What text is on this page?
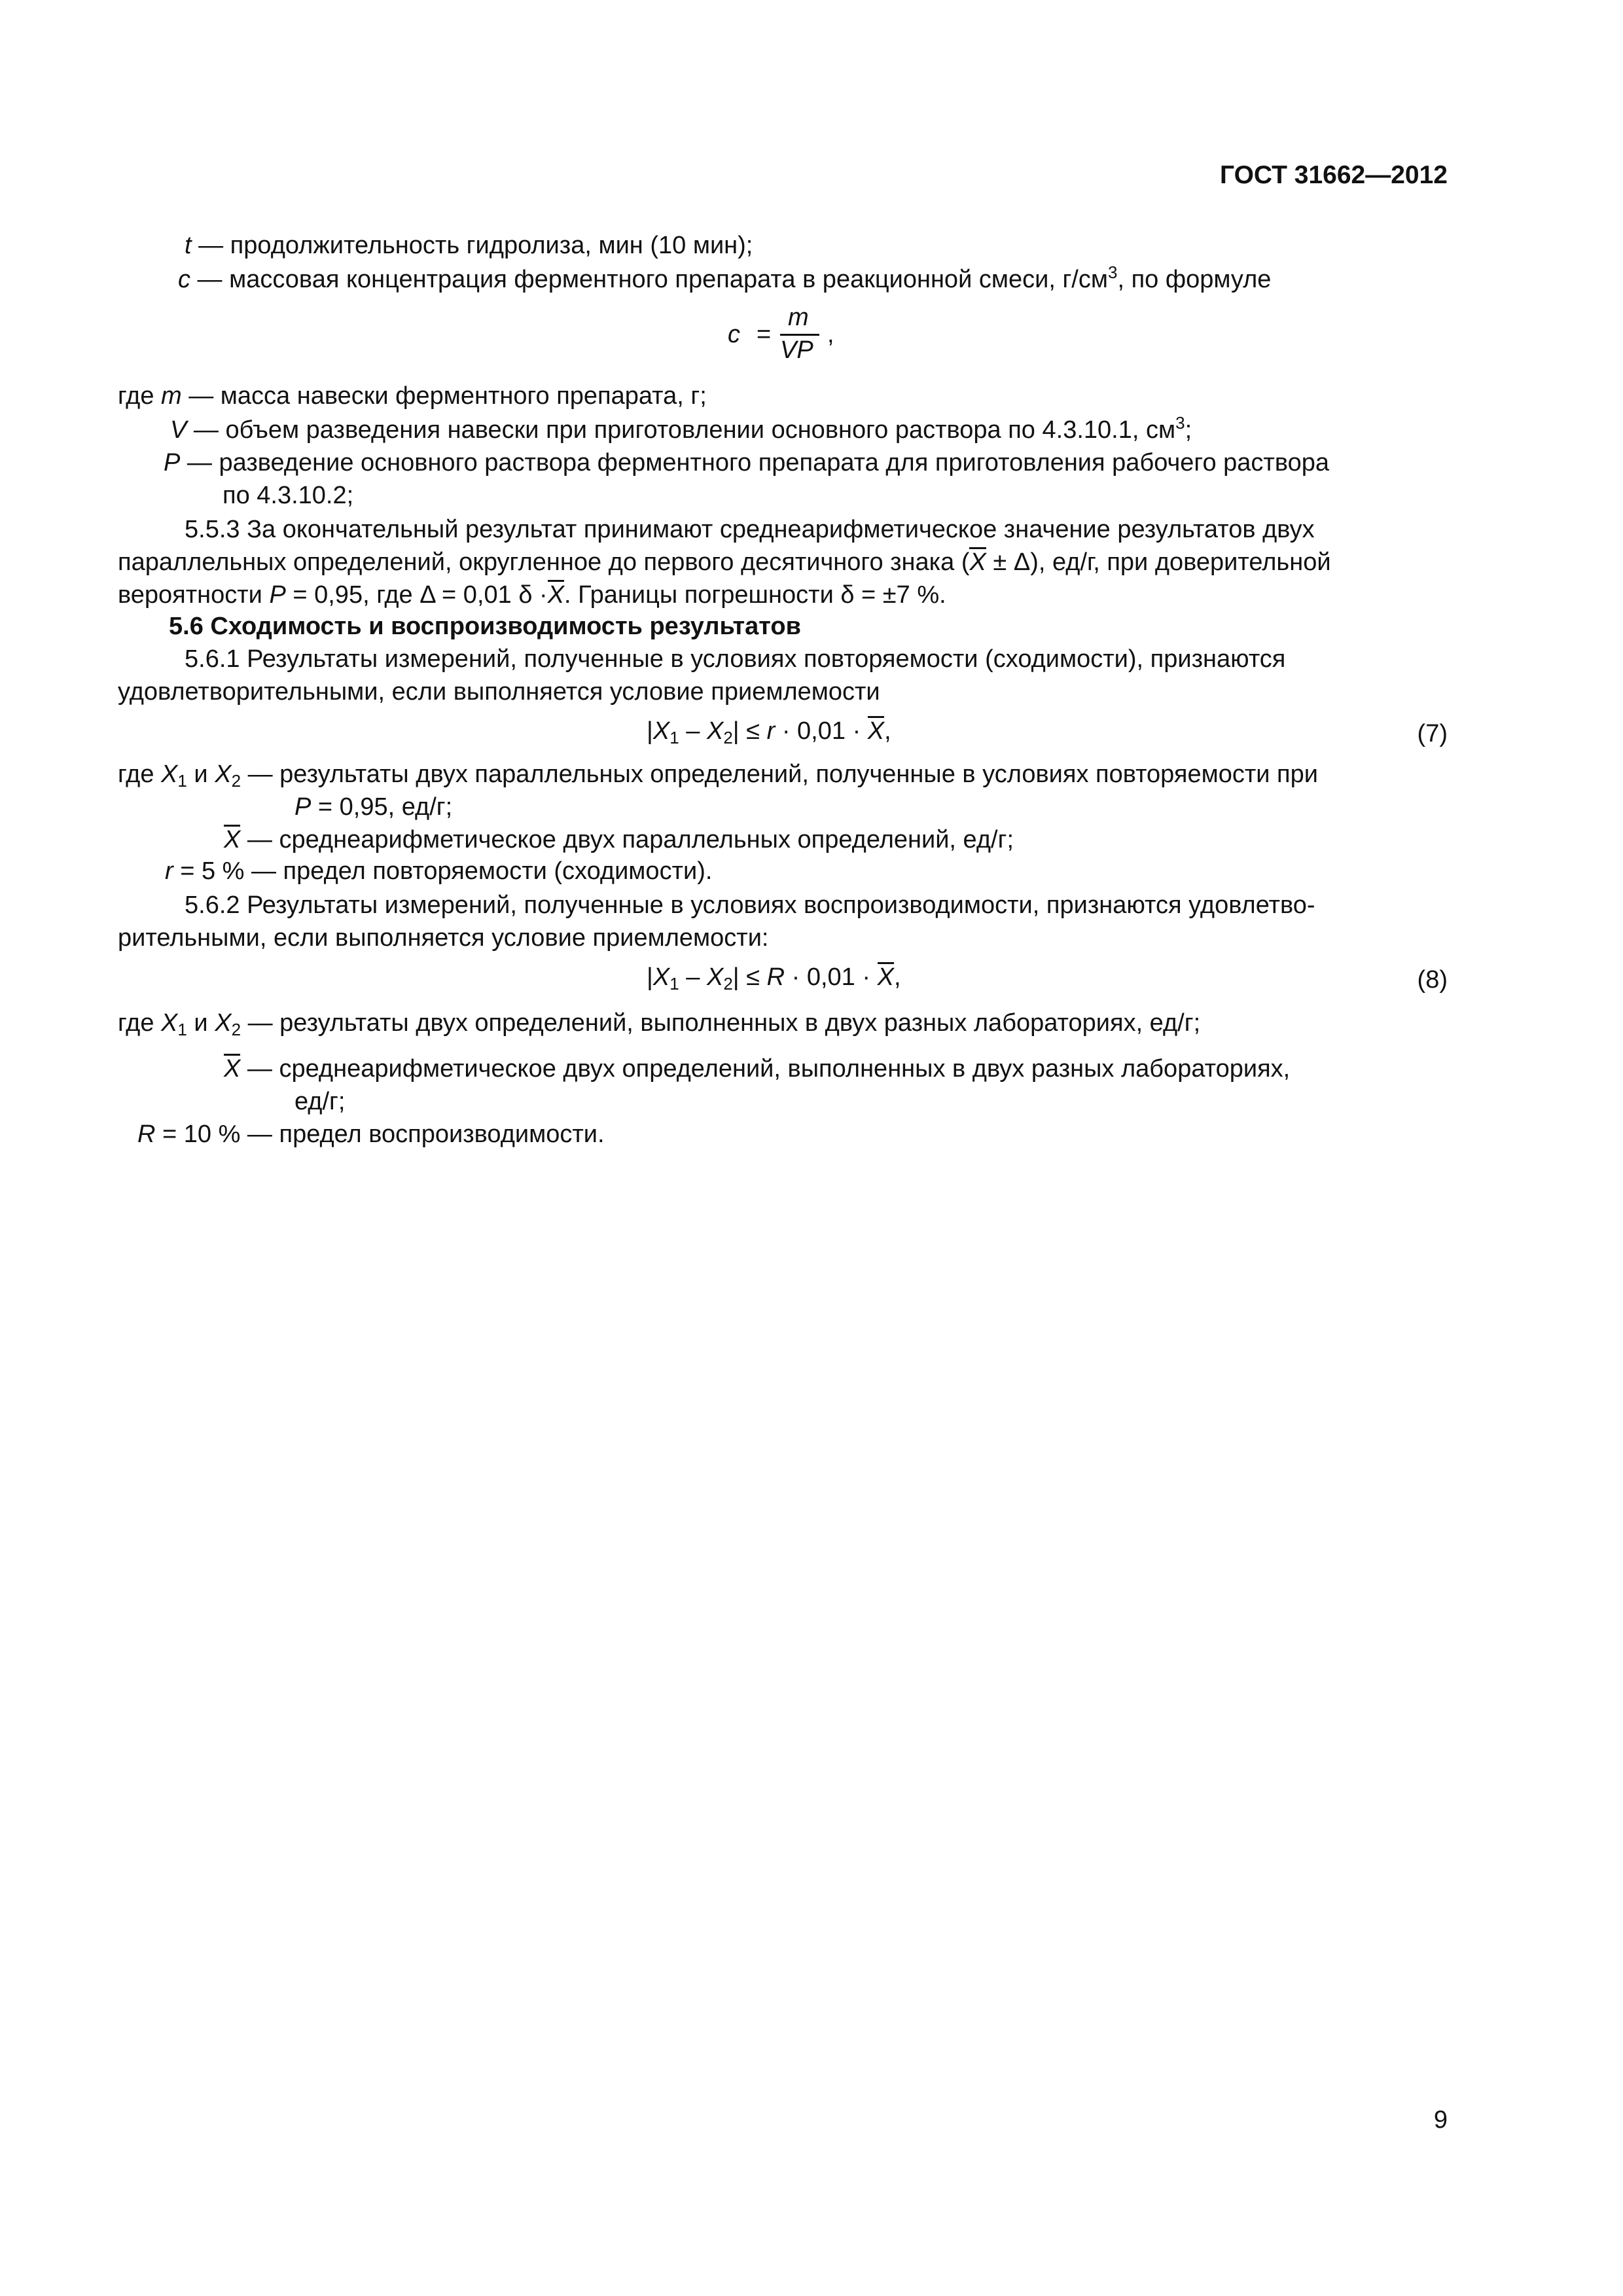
ГОСТ 31662—2012
t — продолжительность гидролиза, мин (10 мин);
c — массовая концентрация ферментного препарата в реакционной смеси, $г/см^3$, по формуле
c =
m
VP
,
где m — масса навески ферментного препарата, г;
V — объем разведения навески при приготовлении основного раствора по 4.3.10.1, $см^3$;
P — разведение основного раствора ферментного препарата для приготовления рабочего раствора
по 4.3.10.2;
5.5.3 За окончательный результат принимают среднеарифметическое значение результатов двух
параллельных определений, округленное до первого десятичного знака (X ± Δ), ед/г, при доверительной
вероятности P = 0,95, где Δ = 0,01 δ ·X. Границы погрешности δ = ±7 %.
5.6 Сходимость и воспроизводимость результатов
5.6.1 Результаты измерений, полученные в условиях повторяемости (сходимости), признаются
удовлетворительными, если выполняется условие приемлемости
$|X_1 - X_2| \le r \cdot 0,01 \cdot X$,	(7)
где $X_1$ и $X_2$ — результаты двух параллельных определений, полученные в условиях повторяемости при
P = 0,95, ед/г;
X — среднеарифметическое двух параллельных определений, ед/г;
r = 5 % — предел повторяемости (сходимости).
5.6.2 Результаты измерений, полученные в условиях воспроизводимости, признаются удовлетво-
рительными, если выполняется условие приемлемости:
$|X_1 - X_2| \le R \cdot 0,01 \cdot X$,	(8)
где $X_1$ и $X_2$ — результаты двух определений, выполненных в двух разных лабораториях, ед/г;
X — среднеарифметическое двух определений, выполненных в двух разных лабораториях,
ед/г;
R = 10 % — предел воспроизводимости.
9
